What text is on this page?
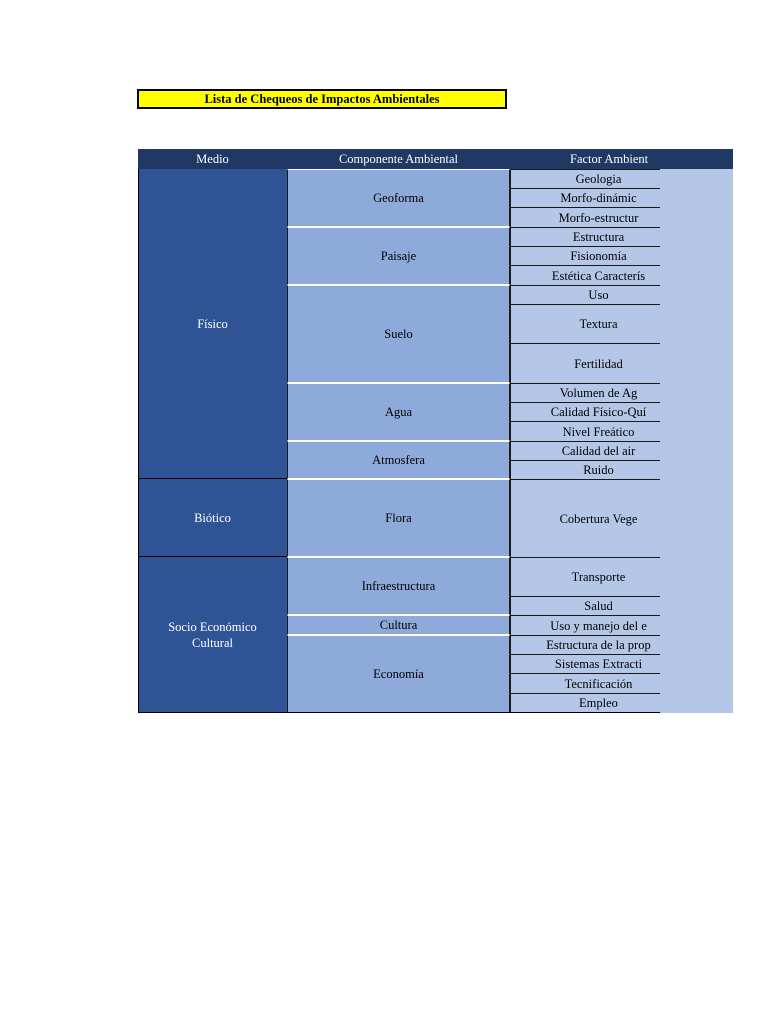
Lista de Chequeos de Impactos Ambientales
Medio	Componente Ambiental	Factor Ambient
Físico
Biótico
Socio Económico Cultural
Geoforma
Paisaje
Suelo
Agua
Atmosfera
Flora
Infraestructura
Cultura
Economía
Geologia
Morfo-dinámic
Morfo-estructur
Estructura
Fisionomía
Estética Caracterís
Uso
Textura
Fertilidad
Volumen de Ag
Calidad Físico-Quí
Nivel Freático
Calidad del air
Ruido
Cobertura Vege
Transporte
Salud
Uso y manejo del e
Estructura de la prop
Sistemas Extracti
Tecnificación
Empleo
